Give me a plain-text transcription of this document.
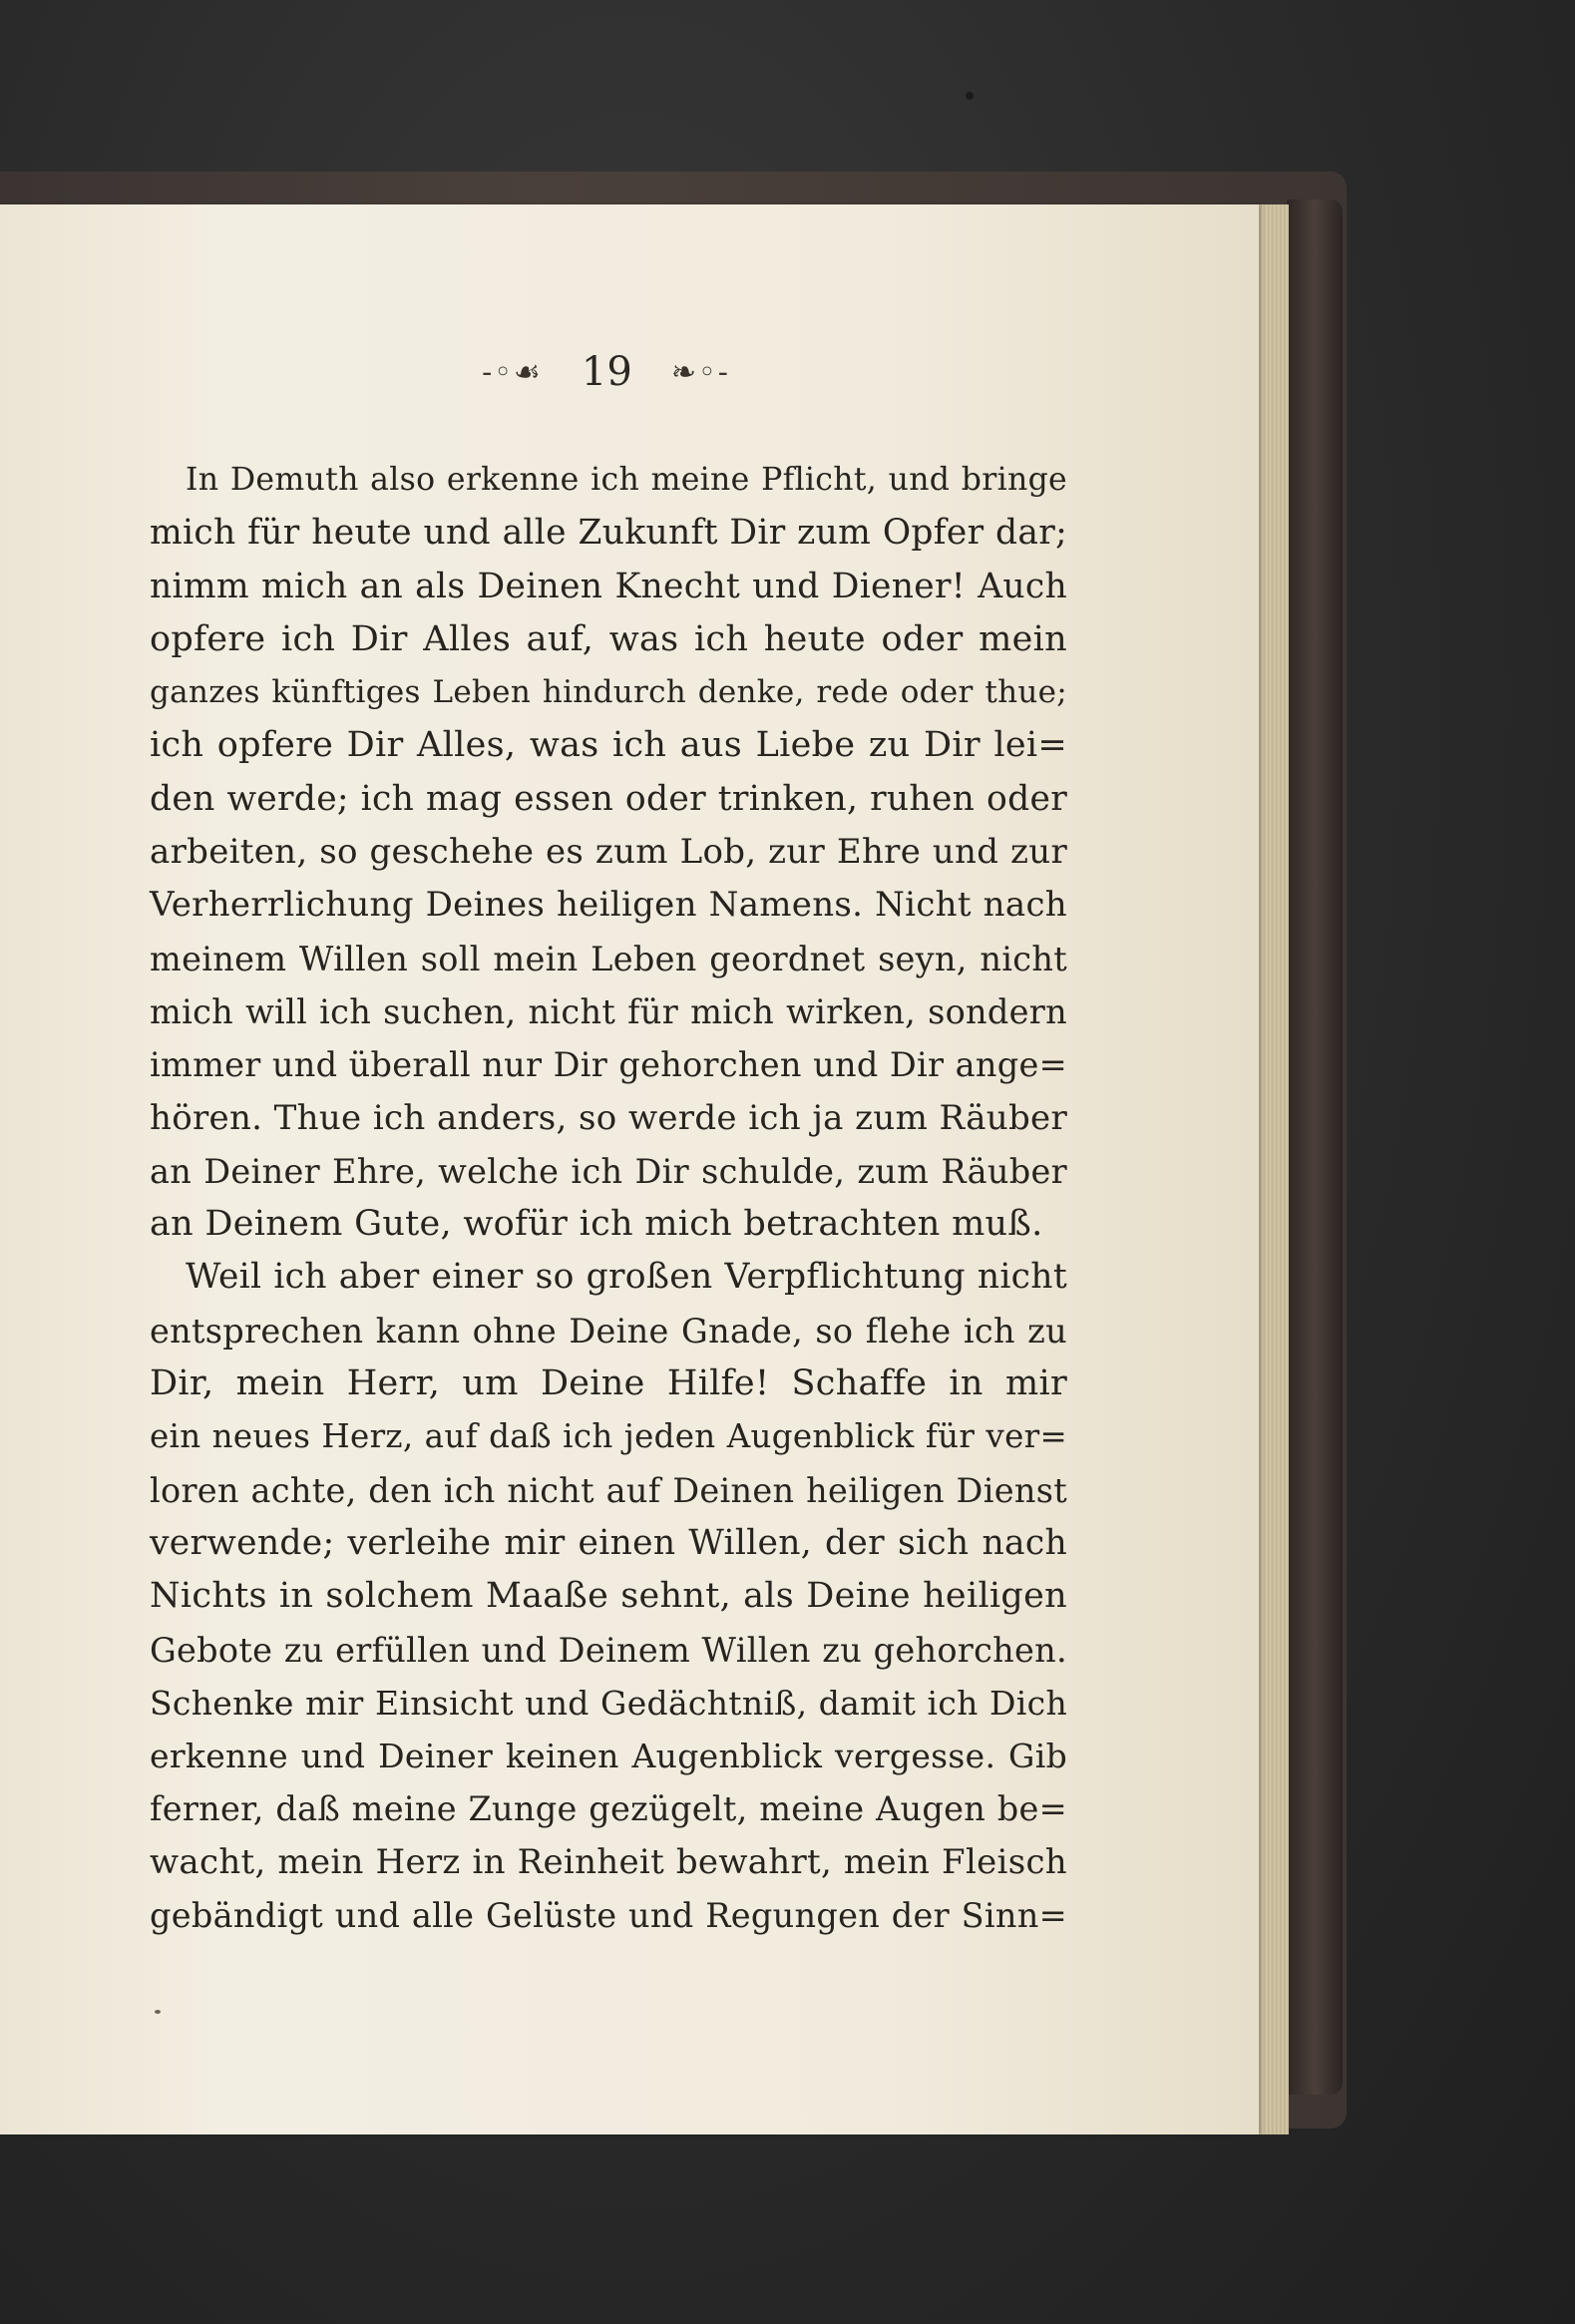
-◦☙ 19 ❧◦-
In Demuth also erkenne ich meine Pflicht, und bringe
mich für heute und alle Zukunft Dir zum Opfer dar;
nimm mich an als Deinen Knecht und Diener! Auch
opfere ich Dir Alles auf, was ich heute oder mein
ganzes künftiges Leben hindurch denke, rede oder thue;
ich opfere Dir Alles, was ich aus Liebe zu Dir lei=
den werde; ich mag essen oder trinken, ruhen oder
arbeiten, so geschehe es zum Lob, zur Ehre und zur
Verherrlichung Deines heiligen Namens. Nicht nach
meinem Willen soll mein Leben geordnet seyn, nicht
mich will ich suchen, nicht für mich wirken, sondern
immer und überall nur Dir gehorchen und Dir ange=
hören. Thue ich anders, so werde ich ja zum Räuber
an Deiner Ehre, welche ich Dir schulde, zum Räuber
an Deinem Gute, wofür ich mich betrachten muß.
Weil ich aber einer so großen Verpflichtung nicht
entsprechen kann ohne Deine Gnade, so flehe ich zu
Dir, mein Herr, um Deine Hilfe! Schaffe in mir
ein neues Herz, auf daß ich jeden Augenblick für ver=
loren achte, den ich nicht auf Deinen heiligen Dienst
verwende; verleihe mir einen Willen, der sich nach
Nichts in solchem Maaße sehnt, als Deine heiligen
Gebote zu erfüllen und Deinem Willen zu gehorchen.
Schenke mir Einsicht und Gedächtniß, damit ich Dich
erkenne und Deiner keinen Augenblick vergesse. Gib
ferner, daß meine Zunge gezügelt, meine Augen be=
wacht, mein Herz in Reinheit bewahrt, mein Fleisch
gebändigt und alle Gelüste und Regungen der Sinn=
